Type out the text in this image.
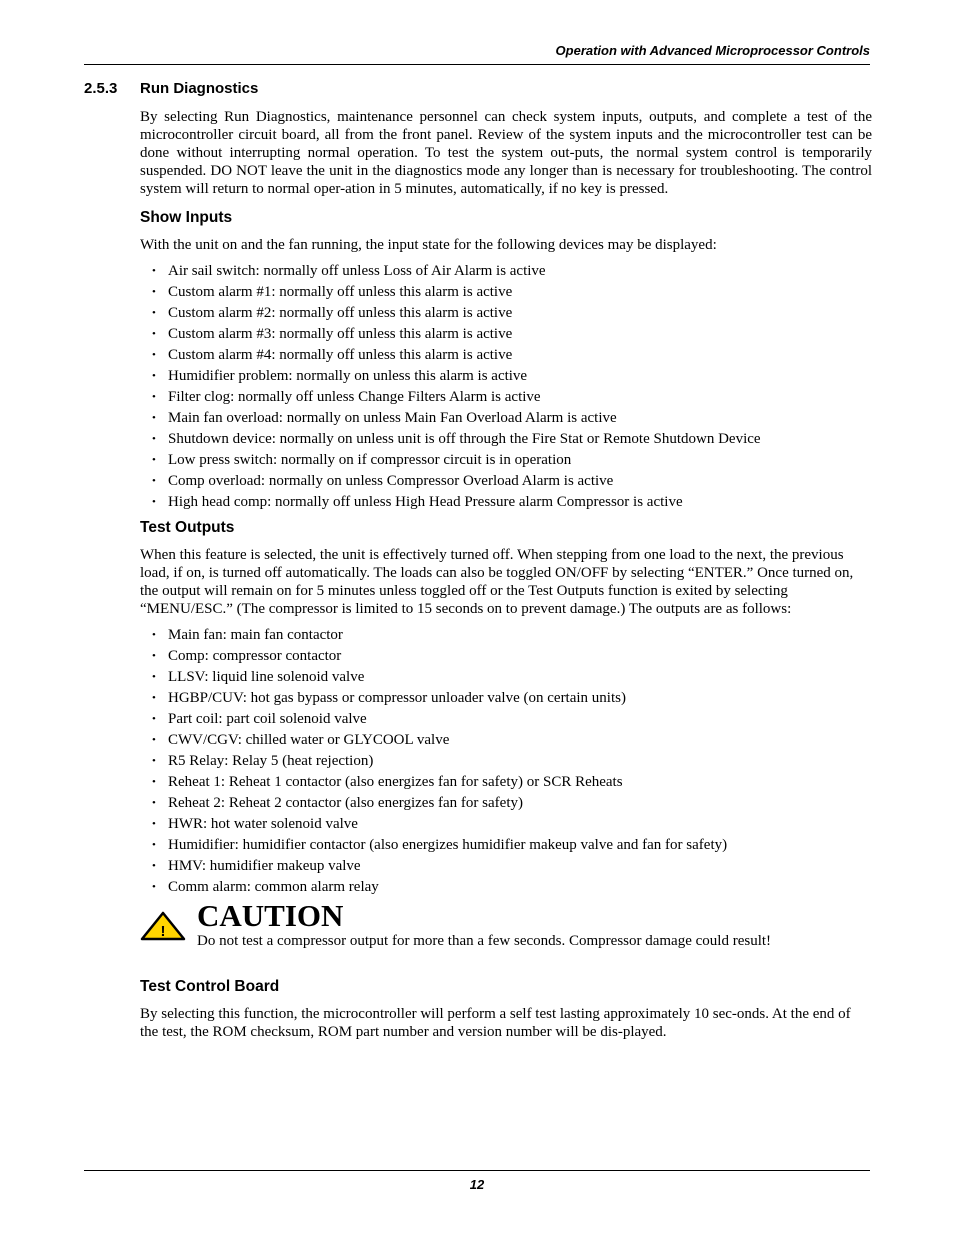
Operation with Advanced Microprocessor Controls
2.5.3 Run Diagnostics

By selecting Run Diagnostics, maintenance personnel can check system inputs, outputs, and complete a test of the microcontroller circuit board, all from the front panel. Review of the system inputs and the microcontroller test can be done without interrupting normal operation. To test the system out-puts, the normal system control is temporarily suspended. DO NOT leave the unit in the diagnostics mode any longer than is necessary for troubleshooting. The control system will return to normal oper-ation in 5 minutes, automatically, if no key is pressed.

Show Inputs

With the unit on and the fan running, the input state for the following devices may be displayed:

• Air sail switch: normally off unless Loss of Air Alarm is active
• Custom alarm #1: normally off unless this alarm is active
• Custom alarm #2: normally off unless this alarm is active
• Custom alarm #3: normally off unless this alarm is active
• Custom alarm #4: normally off unless this alarm is active
• Humidifier problem: normally on unless this alarm is active
• Filter clog: normally off unless Change Filters Alarm is active
• Main fan overload: normally on unless Main Fan Overload Alarm is active
• Shutdown device: normally on unless unit is off through the Fire Stat or Remote Shutdown Device
• Low press switch: normally on if compressor circuit is in operation
• Comp overload: normally on unless Compressor Overload Alarm is active
• High head comp: normally off unless High Head Pressure alarm Compressor is active
Test Outputs

When this feature is selected, the unit is effectively turned off. When stepping from one load to the next, the previous load, if on, is turned off automatically. The loads can also be toggled ON/OFF by selecting “ENTER.” Once turned on, the output will remain on for 5 minutes unless toggled off or the Test Outputs function is exited by selecting “MENU/ESC.” (The compressor is limited to 15 seconds on to prevent damage.) The outputs are as follows:

• Main fan: main fan contactor
• Comp: compressor contactor
• LLSV: liquid line solenoid valve
• HGBP/CUV: hot gas bypass or compressor unloader valve (on certain units)
• Part coil: part coil solenoid valve
• CWV/CGV: chilled water or GLYCOOL valve
• R5 Relay: Relay 5 (heat rejection)
• Reheat 1: Reheat 1 contactor (also energizes fan for safety) or SCR Reheats
• Reheat 2: Reheat 2 contactor (also energizes fan for safety)
• HWR: hot water solenoid valve
• Humidifier: humidifier contactor (also energizes humidifier makeup valve and fan for safety)
• HMV: humidifier makeup valve
• Comm alarm: common alarm relay
! CAUTION

Do not test a compressor output for more than a few seconds. Compressor damage could result!

Test Control Board

By selecting this function, the microcontroller will perform a self test lasting approximately 10 sec-onds. At the end of the test, the ROM checksum, ROM part number and version number will be dis-played.

12
